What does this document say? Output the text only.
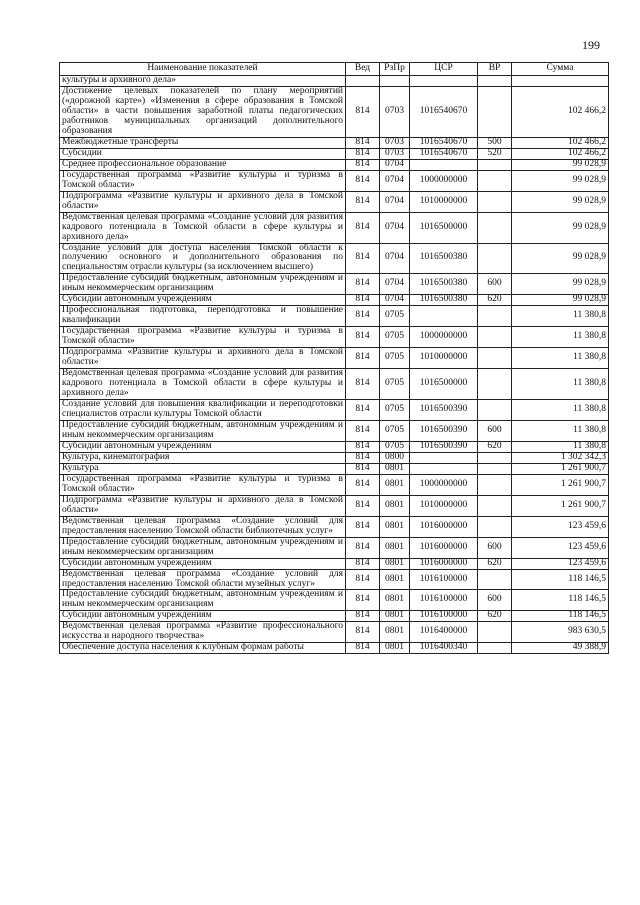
199
Наименование показателей	Вед	РзПр	ЦСР	ВР	Сумма
культуры и архивного дела»					
Достижение целевых показателей по плану мероприятий («дорожной карте») «Изменения в сфере образования в Томской области» в части повышения заработной платы педагогических работников муниципальных организаций дополнительного образования	814	0703	1016540670		102 466,2
Межбюджетные трансферты	814	0703	1016540670	500	102 466,2
Субсидии	814	0703	1016540670	520	102 466,2
Среднее профессиональное образование	814	0704			99 028,9
Государственная программа «Развитие культуры и туризма в Томской области»	814	0704	1000000000		99 028,9
Подпрограмма «Развитие культуры и архивного дела в Томской области»	814	0704	1010000000		99 028,9
Ведомственная целевая программа «Создание условий для развития кадрового потенциала в Томской области в сфере культуры и архивного дела»	814	0704	1016500000		99 028,9
Создание условий для доступа населения Томской области к получению основного и дополнительного образования по специальностям отрасли культуры (за исключением высшего)	814	0704	1016500380		99 028,9
Предоставление субсидий бюджетным, автономным учреждениям и иным некоммерческим организациям	814	0704	1016500380	600	99 028,9
Субсидии автономным учреждениям	814	0704	1016500380	620	99 028,9
Профессиональная подготовка, переподготовка и повышение квалификации	814	0705			11 380,8
Государственная программа «Развитие культуры и туризма в Томской области»	814	0705	1000000000		11 380,8
Подпрограмма «Развитие культуры и архивного дела в Томской области»	814	0705	1010000000		11 380,8
Ведомственная целевая программа «Создание условий для развития кадрового потенциала в Томской области в сфере культуры и архивного дела»	814	0705	1016500000		11 380,8
Создание условий для повышения квалификации и переподготовки специалистов отрасли культуры Томской области	814	0705	1016500390		11 380,8
Предоставление субсидий бюджетным, автономным учреждениям и иным некоммерческим организациям	814	0705	1016500390	600	11 380,8
Субсидии автономным учреждениям	814	0705	1016500390	620	11 380,8
Культура, кинематография	814	0800			1 302 342,3
Культура	814	0801			1 261 900,7
Государственная программа «Развитие культуры и туризма в Томской области»	814	0801	1000000000		1 261 900,7
Подпрограмма «Развитие культуры и архивного дела в Томской области»	814	0801	1010000000		1 261 900,7
Ведомственная целевая программа «Создание условий для предоставления населению Томской области библиотечных услуг»	814	0801	1016000000		123 459,6
Предоставление субсидий бюджетным, автономным учреждениям и иным некоммерческим организациям	814	0801	1016000000	600	123 459,6
Субсидии автономным учреждениям	814	0801	1016000000	620	123 459,6
Ведомственная целевая программа «Создание условий для предоставления населению Томской области музейных услуг»	814	0801	1016100000		118 146,5
Предоставление субсидий бюджетным, автономным учреждениям и иным некоммерческим организациям	814	0801	1016100000	600	118 146,5
Субсидии автономным учреждениям	814	0801	1016100000	620	118 146,5
Ведомственная целевая программа «Развитие профессионального искусства и народного творчества»	814	0801	1016400000		983 630,5
Обеспечение доступа населения к клубным формам работы	814	0801	1016400340		49 388,9
